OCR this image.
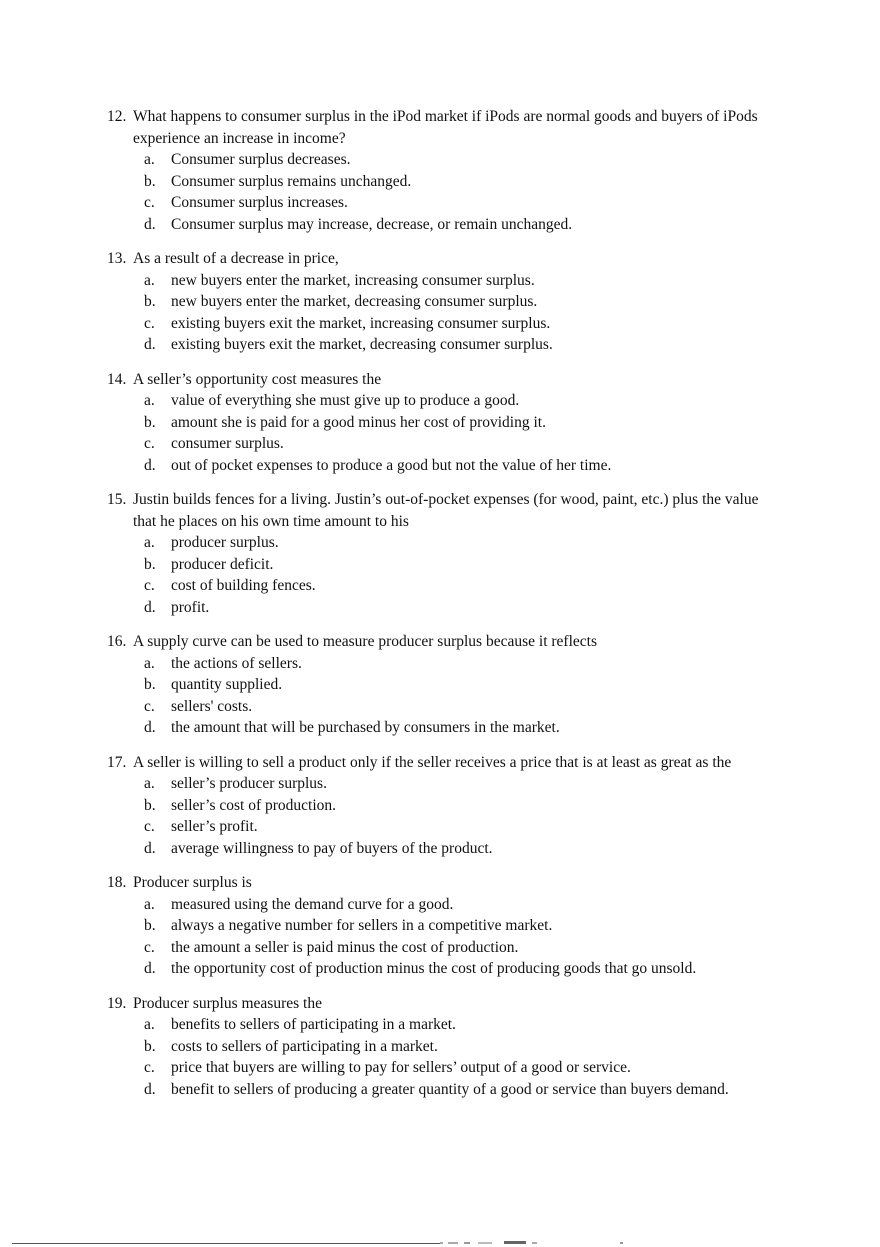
12. What happens to consumer surplus in the iPod market if iPods are normal goods and buyers of iPods experience an increase in income?
a.	Consumer surplus decreases.
b. Consumer surplus remains unchanged.
c.	Consumer surplus increases.
d. Consumer surplus may increase, decrease, or remain unchanged.
13. As a result of a decrease in price,
a.	new buyers enter the market, increasing consumer surplus.
b. new buyers enter the market, decreasing consumer surplus.
c.	existing buyers exit the market, increasing consumer surplus.
d. existing buyers exit the market, decreasing consumer surplus.
14. A seller’s opportunity cost measures the
a.	value of everything she must give up to produce a good.
b. amount she is paid for a good minus her cost of providing it.
c.	consumer surplus.
d. out of pocket expenses to produce a good but not the value of her time.
15. Justin builds fences for a living. Justin’s out-of-pocket expenses (for wood, paint, etc.) plus the value that he places on his own time amount to his
a.	producer surplus.
b. producer deficit.
c.	cost of building fences.
d. profit.
16. A supply curve can be used to measure producer surplus because it reflects
a.	the actions of sellers.
b. quantity supplied.
c.	sellers' costs.
d. the amount that will be purchased by consumers in the market.
17. A seller is willing to sell a product only if the seller receives a price that is at least as great as the
a.	seller’s producer surplus.
b. seller’s cost of production.
c.	seller’s profit.
d. average willingness to pay of buyers of the product.
18. Producer surplus is
a.	measured using the demand curve for a good.
b. always a negative number for sellers in a competitive market.
c.	the amount a seller is paid minus the cost of production.
d. the opportunity cost of production minus the cost of producing goods that go unsold.
19. Producer surplus measures the
a.	benefits to sellers of participating in a market.
b. costs to sellers of participating in a market.
c.	price that buyers are willing to pay for sellers’ output of a good or service.
d. benefit to sellers of producing a greater quantity of a good or service than buyers demand.
